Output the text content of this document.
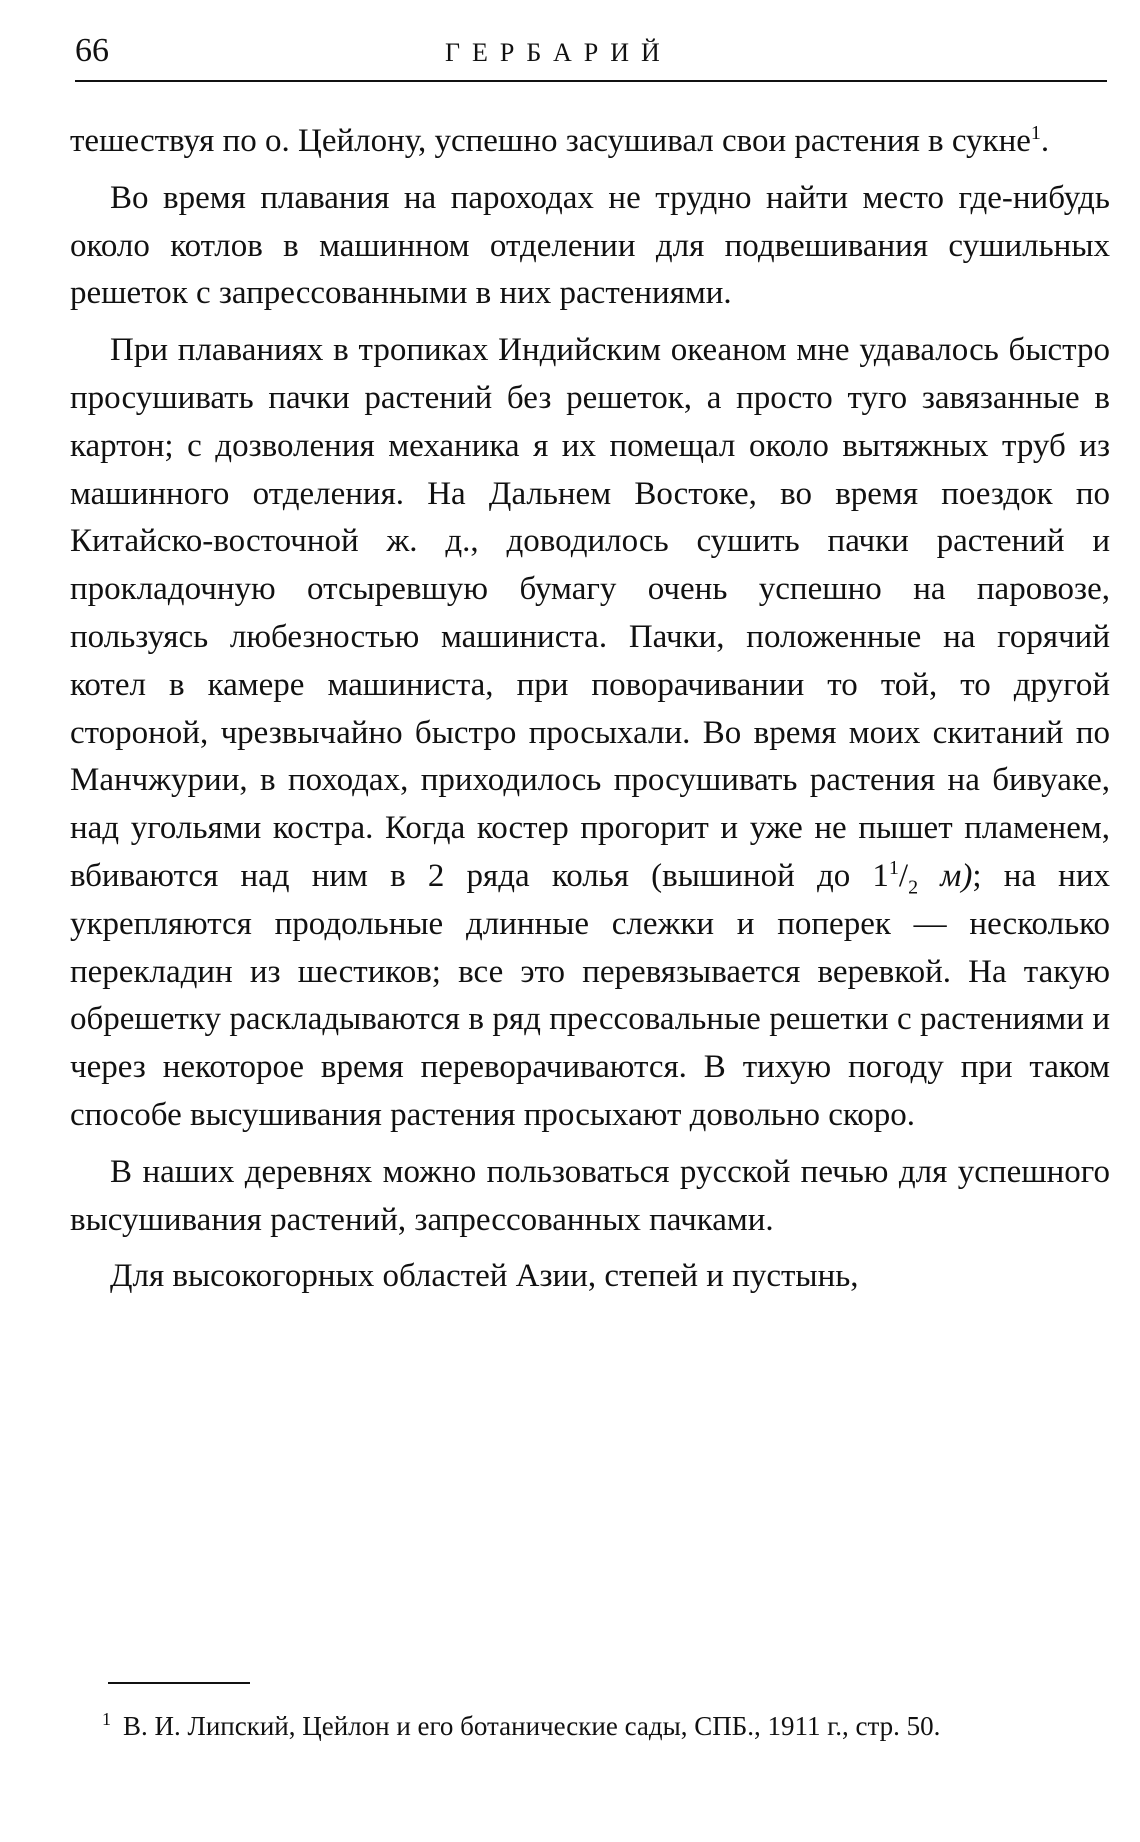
66	ГЕРБАРИЙ

тешествуя по о. Цейлону, успешно засушивал свои растения в сукне$^1$.

Во время плавания на пароходах не трудно найти место где-нибудь около котлов в машинном отделении для подвешивания сушильных решеток с запрессованными в них растениями.

При плаваниях в тропиках Индийским океаном мне удавалось быстро просушивать пачки растений без решеток, а просто туго завязанные в картон; с дозволения механика я их помещал около вытяжных труб из машинного отделения. На Дальнем Востоке, во время поездок по Китайско-восточной ж. д., доводилось сушить пачки растений и прокладочную отсыревшую бумагу очень успешно на паровозе, пользуясь любезностью машиниста. Пачки, положенные на горячий котел в камере машиниста, при поворачивании то той, то другой стороной, чрезвычайно быстро просыхали. Во время моих скитаний по Манчжурии, в походах, приходилось просушивать растения на бивуаке, над угольями костра. Когда костер прогорит и уже не пышет пламенем, вбиваются над ним в 2 ряда колья (вышиной до $1^1/_2$ м); на них укрепляются продольные длинные слежки и поперек — несколько перекладин из шестиков; все это перевязывается веревкой. На такую обрешетку раскладываются в ряд прессовальные решетки с растениями и через некоторое время переворачиваются. В тихую погоду при таком способе высушивания растения просыхают довольно скоро.

В наших деревнях можно пользоваться русской печью для успешного высушивания растений, запрессованных пачками.

Для высокогорных областей Азии, степей и пустынь,

$^1$ В. И. Липский, Цейлон и его ботанические сады, СПБ., 1911 г., стр. 50.
